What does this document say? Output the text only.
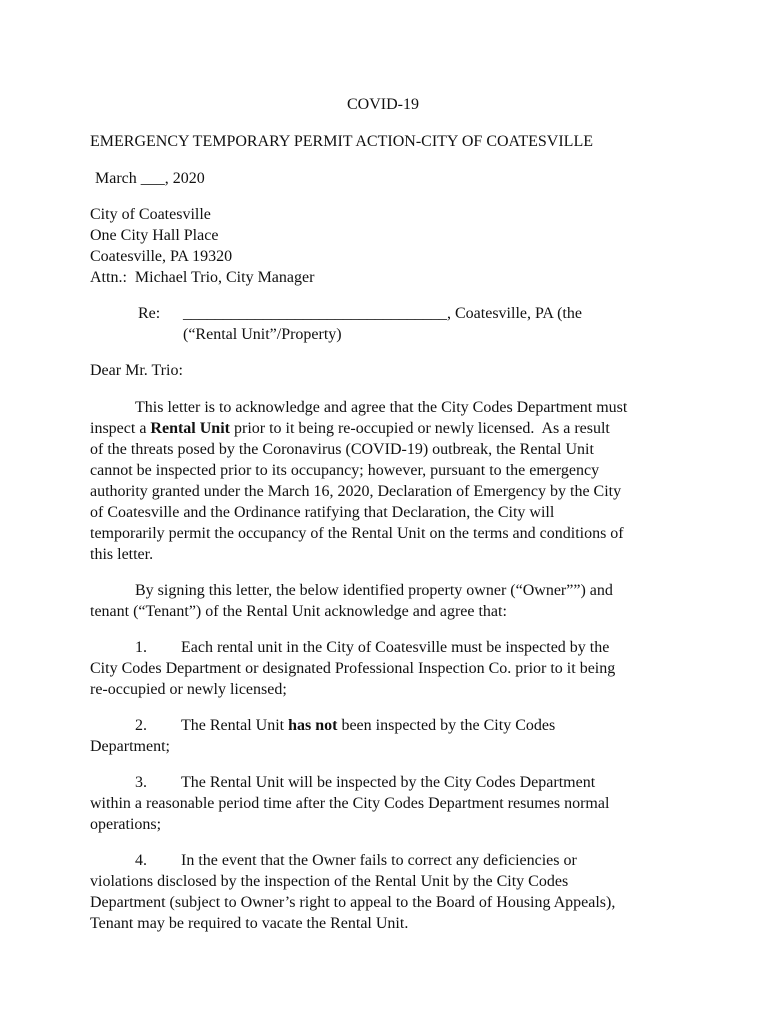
COVID-19
EMERGENCY TEMPORARY PERMIT ACTION-CITY OF COATESVILLE
March ___, 2020
City of Coatesville
One City Hall Place
Coatesville, PA 19320
Attn.:  Michael Trio, City Manager
Re: _________________________________, Coatesville, PA (the
(“Rental Unit”/Property)
Dear Mr. Trio:
This letter is to acknowledge and agree that the City Codes Department must
inspect a Rental Unit prior to it being re-occupied or newly licensed.  As a result
of the threats posed by the Coronavirus (COVID-19) outbreak, the Rental Unit
cannot be inspected prior to its occupancy; however, pursuant to the emergency
authority granted under the March 16, 2020, Declaration of Emergency by the City
of Coatesville and the Ordinance ratifying that Declaration, the City will
temporarily permit the occupancy of the Rental Unit on the terms and conditions of
this letter.
By signing this letter, the below identified property owner (“Owner””) and
tenant (“Tenant”) of the Rental Unit acknowledge and agree that:
1. Each rental unit in the City of Coatesville must be inspected by the
City Codes Department or designated Professional Inspection Co. prior to it being
re-occupied or newly licensed;
2. The Rental Unit has not been inspected by the City Codes
Department;
3. The Rental Unit will be inspected by the City Codes Department
within a reasonable period time after the City Codes Department resumes normal
operations;
4. In the event that the Owner fails to correct any deficiencies or
violations disclosed by the inspection of the Rental Unit by the City Codes
Department (subject to Owner’s right to appeal to the Board of Housing Appeals),
Tenant may be required to vacate the Rental Unit.
